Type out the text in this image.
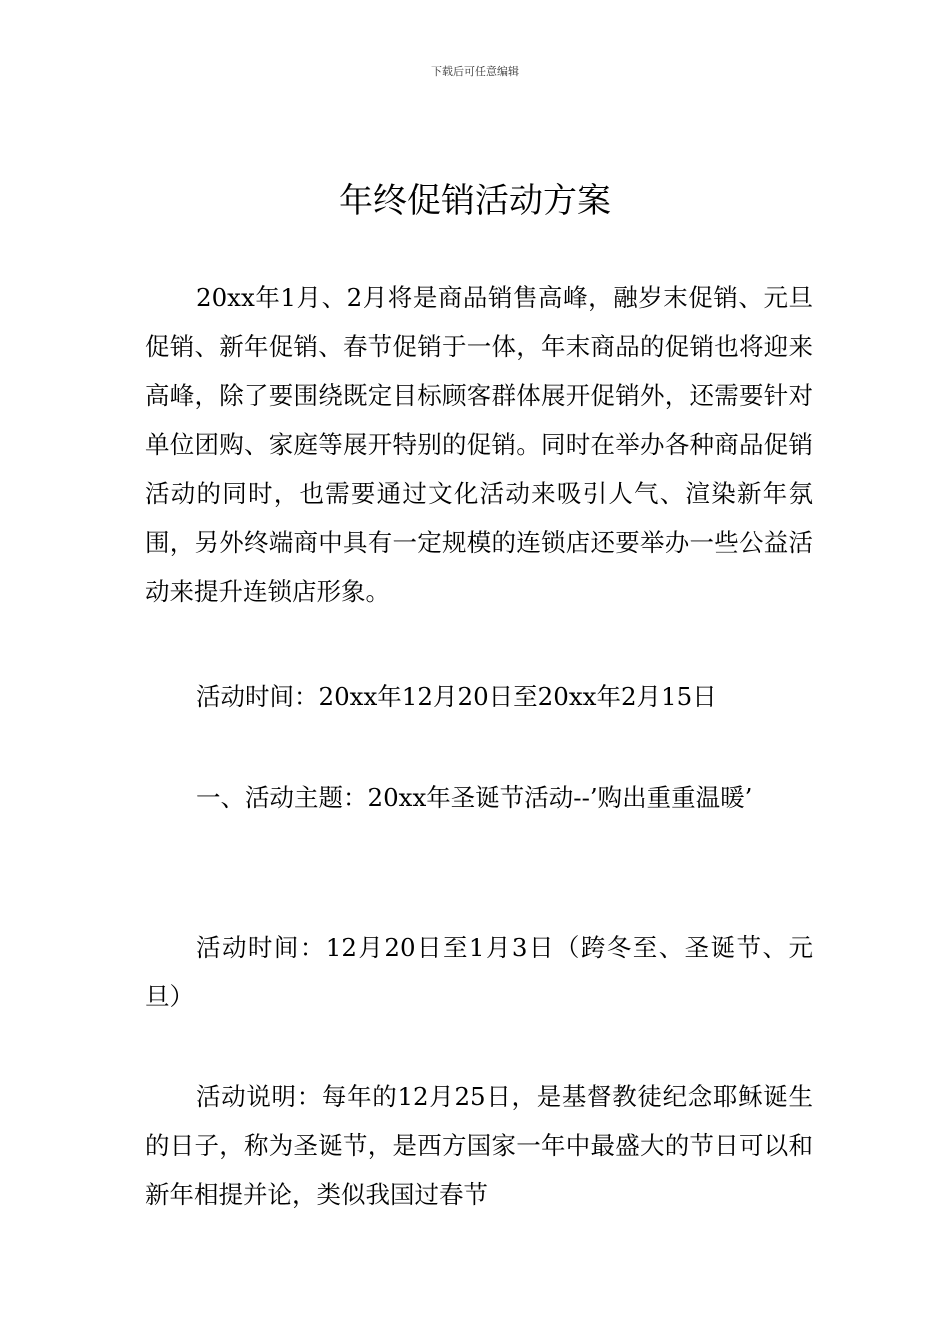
下载后可任意编辑
年终促销活动方案

20xx年1月、2月将是商品销售高峰，融岁末促销、元旦促销、新年促销、春节促销于一体，年末商品的促销也将迎来高峰，除了要围绕既定目标顾客群体展开促销外，还需要针对单位团购、家庭等展开特别的促销。同时在举办各种商品促销活动的同时，也需要通过文化活动来吸引人气、渲染新年氛围，另外终端商中具有一定规模的连锁店还要举办一些公益活动来提升连锁店形象。

活动时间：20xx年12月20日至20xx年2月15日

一、活动主题：20xx年圣诞节活动--’购出重重温暖’

活动时间：12月20日至1月3日（跨冬至、圣诞节、元旦）

活动说明：每年的12月25日，是基督教徒纪念耶稣诞生的日子，称为圣诞节，是西方国家一年中最盛大的节日可以和新年相提并论，类似我国过春节
